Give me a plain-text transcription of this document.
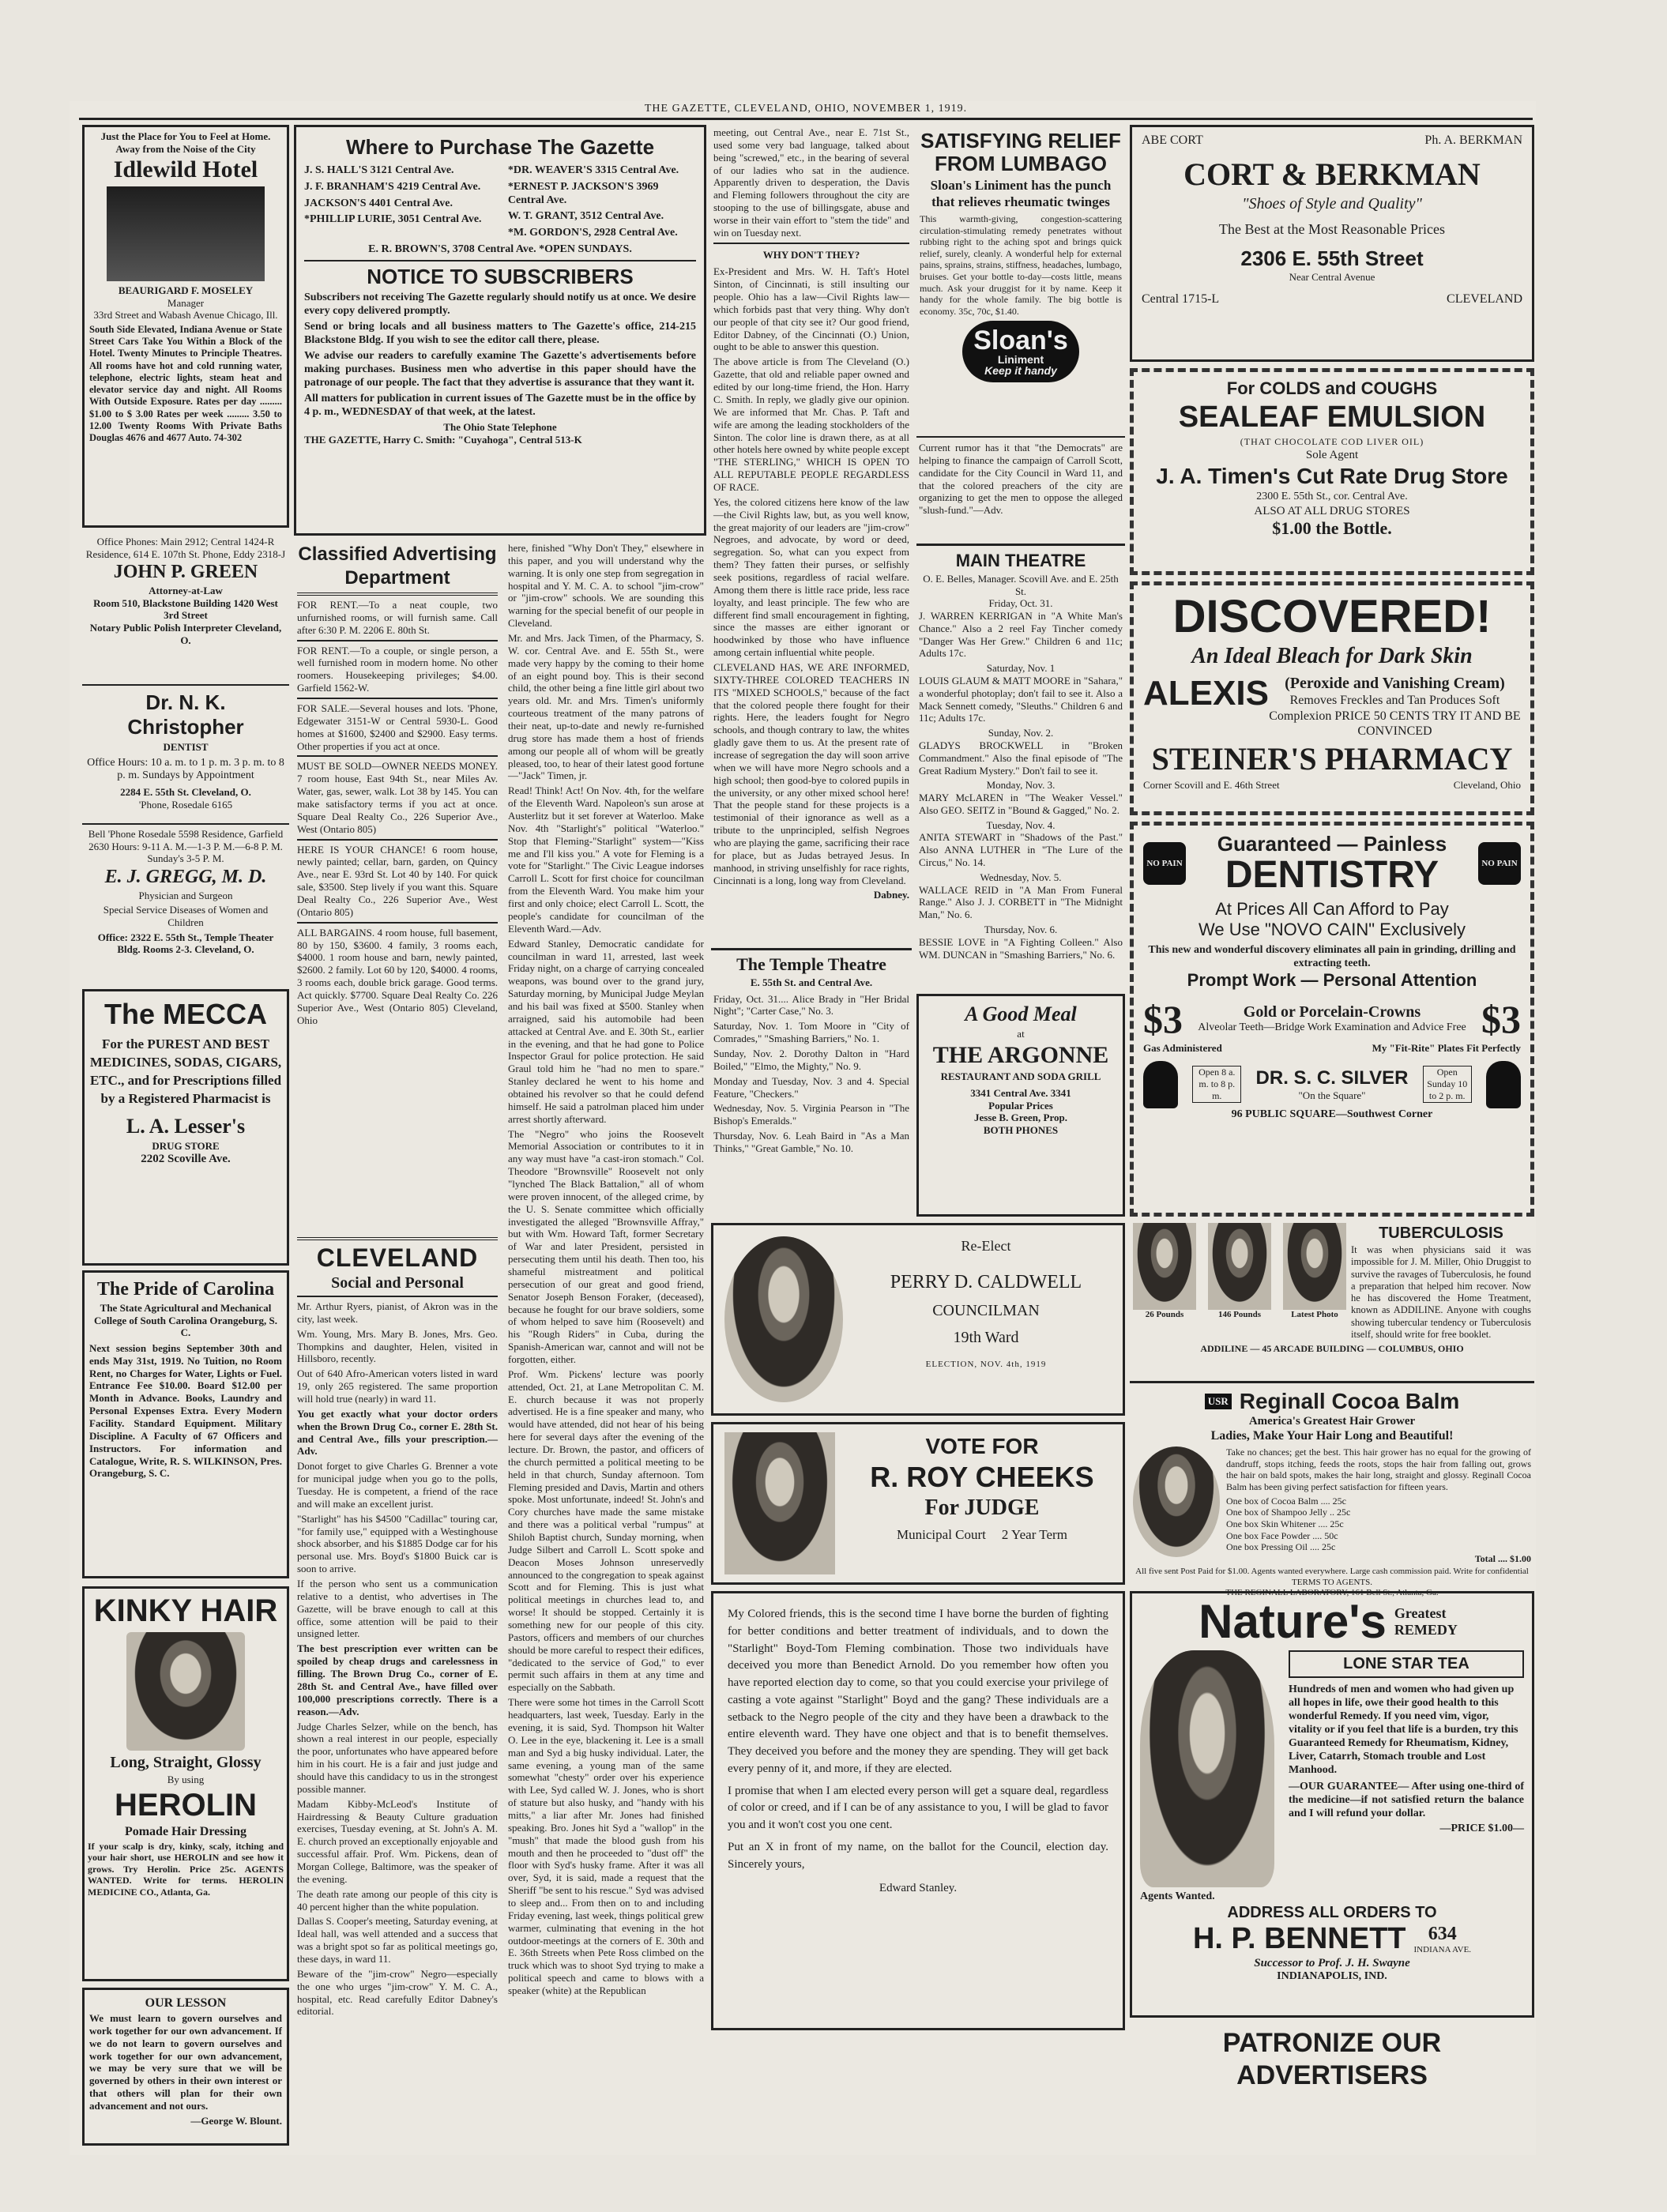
THE GAZETTE, CLEVELAND, OHIO, NOVEMBER 1, 1919.
Just the Place for You to Feel at Home.
Away from the Noise of the City
Idlewild Hotel
BEAURIGARD F. MOSELEY
Manager
33rd Street and Wabash Avenue Chicago, Ill.
South Side Elevated, Indiana Avenue or State Street Cars Take You Within a Block of the Hotel. Twenty Minutes to Principle Theatres. All rooms have hot and cold running water, telephone, electric lights, steam heat and elevator service day and night. All Rooms With Outside Exposure. Rates per day ......... $1.00 to $ 3.00 Rates per week ......... 3.50 to 12.00 Twenty Rooms With Private Baths Douglas 4676 and 4677 Auto. 74-302
Office Phones: Main 2912; Central 1424-R
Residence, 614 E. 107th St. Phone, Eddy 2318-J
JOHN P. GREEN
Attorney-at-Law
Room 510, Blackstone Building 1420 West 3rd Street
Notary Public Polish Interpreter Cleveland, O.
Dr. N. K. Christopher
DENTIST
Office Hours: 10 a. m. to 1 p. m. 3 p. m. to 8 p. m. Sundays by Appointment
2284 E. 55th St. Cleveland, O.
'Phone, Rosedale 6165
Bell 'Phone Rosedale 5598 Residence, Garfield 2630 Hours: 9-11 A. M.—1-3 P. M.—6-8 P. M. Sunday's 3-5 P. M.
E. J. GREGG, M. D.
Physician and Surgeon
Special Service Diseases of Women and Children
Office: 2322 E. 55th St., Temple Theater Bldg. Rooms 2-3. Cleveland, O.
The MECCA
For the PUREST AND BEST MEDICINES, SODAS, CIGARS, ETC., and for Prescriptions filled by a Registered Pharmacist is
L. A. Lesser's
DRUG STORE
2202 Scoville Ave.
The Pride of Carolina
The State Agricultural and Mechanical College of South Carolina Orangeburg, S. C.
Next session begins September 30th and ends May 31st, 1919. No Tuition, no Room Rent, no Charges for Water, Lights or Fuel. Entrance Fee $10.00. Board $12.00 per Month in Advance. Books, Laundry and Personal Expenses Extra. Every Modern Facility. Standard Equipment. Military Discipline. A Faculty of 67 Officers and Instructors. For information and Catalogue, Write, R. S. WILKINSON, Pres. Orangeburg, S. C.
KINKY HAIR
Long, Straight, Glossy
By using
HEROLIN
Pomade Hair Dressing
If your scalp is dry, kinky, scaly, itching and your hair short, use HEROLIN and see how it grows. Try Herolin. Price 25c. AGENTS WANTED. Write for terms. HEROLIN MEDICINE CO., Atlanta, Ga.
OUR LESSON
We must learn to govern ourselves and work together for our own advancement. If we do not learn to govern ourselves and work together for our own advancement, we may be very sure that we will be governed by others in their own interest or that others will plan for their own advancement and not ours.
—George W. Blount.
Where to Purchase The Gazette
J. S. HALL'S 3121 Central Ave.
J. F. BRANHAM'S 4219 Central Ave.
JACKSON'S 4401 Central Ave.
*PHILLIP LURIE, 3051 Central Ave.
*DR. WEAVER'S 3315 Central Ave.
*ERNEST P. JACKSON'S 3969 Central Ave.
W. T. GRANT, 3512 Central Ave.
*M. GORDON'S, 2928 Central Ave.
E. R. BROWN'S, 3708 Central Ave. *OPEN SUNDAYS.
NOTICE TO SUBSCRIBERS
Subscribers not receiving The Gazette regularly should notify us at once. We desire every copy delivered promptly.
Send or bring locals and all business matters to The Gazette's office, 214-215 Blackstone Bldg. If you wish to see the editor call there, please.
We advise our readers to carefully examine The Gazette's advertisements before making purchases. Business men who advertise in this paper should have the patronage of our people. The fact that they advertise is assurance that they want it.
All matters for publication in current issues of The Gazette must be in the office by 4 p. m., WEDNESDAY of that week, at the latest.
The Ohio State Telephone
THE GAZETTE, Harry C. Smith: "Cuyahoga", Central 513-K
Classified Advertising
Department
FOR RENT.—To a neat couple, two unfurnished rooms, or will furnish same. Call after 6:30 P. M. 2206 E. 80th St.
FOR RENT.—To a couple, or single person, a well furnished room in modern home. No other roomers. Housekeeping privileges; $4.00. Garfield 1562-W.
FOR SALE.—Several houses and lots. 'Phone, Edgewater 3151-W or Central 5930-L. Good homes at $1600, $2400 and $2900. Easy terms. Other properties if you act at once.
MUST BE SOLD—OWNER NEEDS MONEY. 7 room house, East 94th St., near Miles Av. Water, gas, sewer, walk. Lot 38 by 145. You can make satisfactory terms if you act at once. Square Deal Realty Co., 226 Superior Ave., West (Ontario 805)
HERE IS YOUR CHANCE! 6 room house, newly painted; cellar, barn, garden, on Quincy Ave., near E. 93rd St. Lot 40 by 140. For quick sale, $3500. Step lively if you want this. Square Deal Realty Co., 226 Superior Ave., West (Ontario 805)
ALL BARGAINS. 4 room house, full basement, 80 by 150, $3600. 4 family, 3 rooms each, $4000. 1 room house and barn, newly painted, $2600. 2 family. Lot 60 by 120, $4000. 4 rooms, 3 rooms each, double brick garage. Good terms. Act quickly. $7700. Square Deal Realty Co. 226 Superior Ave., West (Ontario 805) Cleveland, Ohio
CLEVELAND
Social and Personal
Mr. Arthur Ryers, pianist, of Akron was in the city, last week.
Wm. Young, Mrs. Mary B. Jones, Mrs. Geo. Thompkins and daughter, Helen, visited in Hillsboro, recently.
Out of 640 Afro-American voters listed in ward 19, only 265 registered. The same proportion will hold true (nearly) in ward 11.
You get exactly what your doctor orders when the Brown Drug Co., corner E. 28th St. and Central Ave., fills your prescription.—Adv.
Donot forget to give Charles G. Brenner a vote for municipal judge when you go to the polls, Tuesday. He is competent, a friend of the race and will make an excellent jurist.
"Starlight" has his $4500 "Cadillac" touring car, "for family use," equipped with a Westinghouse shock absorber, and his $1885 Dodge car for his personal use. Mrs. Boyd's $1800 Buick car is soon to arrive.
If the person who sent us a communication relative to a dentist, who advertises in The Gazette, will be brave enough to call at this office, some attention will be paid to their unsigned letter.
The best prescription ever written can be spoiled by cheap drugs and carelessness in filling. The Brown Drug Co., corner of E. 28th St. and Central Ave., have filled over 100,000 prescriptions correctly. There is a reason.—Adv.
Judge Charles Selzer, while on the bench, has shown a real interest in our people, especially the poor, unfortunates who have appeared before him in his court. He is a fair and just judge and should have this candidacy to us in the strongest possible manner.
Madam Kibby-McLeod's Institute of Hairdressing & Beauty Culture graduation exercises, Tuesday evening, at St. John's A. M. E. church proved an exceptionally enjoyable and successful affair. Prof. Wm. Pickens, dean of Morgan College, Baltimore, was the speaker of the evening.
The death rate among our people of this city is 40 percent higher than the white population.
Dallas S. Cooper's meeting, Saturday evening, at Ideal hall, was well attended and a success that was a bright spot so far as political meetings go, these days, in ward 11.
Beware of the "jim-crow" Negro—especially the one who urges "jim-crow" Y. M. C. A., hospital, etc. Read carefully Editor Dabney's editorial.
here, finished "Why Don't They," elsewhere in this paper, and you will understand why the warning. It is only one step from segregation in hospital and Y. M. C. A. to school "jim-crow" or "jim-crow" schools. We are sounding this warning for the special benefit of our people in Cleveland.
Mr. and Mrs. Jack Timen, of the Pharmacy, S. W. cor. Central Ave. and E. 55th St., were made very happy by the coming to their home of an eight pound boy. This is their second child, the other being a fine little girl about two years old. Mr. and Mrs. Timen's uniformly courteous treatment of the many patrons of their neat, up-to-date and newly re-furnished drug store has made them a host of friends among our people all of whom will be greatly pleased, too, to hear of their latest good fortune—"Jack" Timen, jr.
Read! Think! Act! On Nov. 4th, for the welfare of the Eleventh Ward. Napoleon's sun arose at Austerlitz but it set forever at Waterloo. Make Nov. 4th "Starlight's" political "Waterloo." Stop that Fleming-"Starlight" system—"Kiss me and I'll kiss you." A vote for Fleming is a vote for "Starlight." The Civic League indorses Carroll L. Scott for first choice for councilman from the Eleventh Ward. You make him your first and only choice; elect Carroll L. Scott, the people's candidate for councilman of the Eleventh Ward.—Adv.
Edward Stanley, Democratic candidate for councilman in ward 11, arrested, last week Friday night, on a charge of carrying concealed weapons, was bound over to the grand jury, Saturday morning, by Municipal Judge Meylan and his bail was fixed at $500. Stanley when arraigned, said his automobile had been attacked at Central Ave. and E. 30th St., earlier in the evening, and that he had gone to Police Inspector Graul for police protection. He said Graul told him he "had no men to spare." Stanley declared he went to his home and obtained his revolver so that he could defend himself. He said a patrolman placed him under arrest shortly afterward.
The "Negro" who joins the Roosevelt Memorial Association or contributes to it in any way must have "a cast-iron stomach." Col. Theodore "Brownsville" Roosevelt not only "lynched The Black Battalion," all of whom were proven innocent, of the alleged crime, by the U. S. Senate committee which officially investigated the alleged "Brownsville Affray," but with Wm. Howard Taft, former Secretary of War and later President, persisted in persecuting them until his death. Then too, his shameful mistreatment and political persecution of our great and good friend, Senator Joseph Benson Foraker, (deceased), because he fought for our brave soldiers, some of whom helped to save him (Roosevelt) and his "Rough Riders" in Cuba, during the Spanish-American war, cannot and will not be forgotten, either.
Prof. Wm. Pickens' lecture was poorly attended, Oct. 21, at Lane Metropolitan C. M. E. church because it was not properly advertised. He is a fine speaker and many, who would have attended, did not hear of his being here for several days after the evening of the lecture. Dr. Brown, the pastor, and officers of the church permitted a political meeting to be held in that church, Sunday afternoon. Tom Fleming presided and Davis, Martin and others spoke. Most unfortunate, indeed! St. John's and Cory churches have made the same mistake and there was a political verbal "rumpus" at Shiloh Baptist church, Sunday morning, when Judge Silbert and Carroll L. Scott spoke and Deacon Moses Johnson unreservedly announced to the congregation to speak against Scott and for Fleming. This is just what political meetings in churches lead to, and worse! It should be stopped. Certainly it is something new for our people of this city. Pastors, officers and members of our churches should be more careful to respect their edifices, "dedicated to the service of God," to ever permit such affairs in them at any time and especially on the Sabbath.
There were some hot times in the Carroll Scott headquarters, last week, Tuesday. Early in the evening, it is said, Syd. Thompson hit Walter O. Lee in the eye, blackening it. Lee is a small man and Syd a big husky individual. Later, the same evening, a young man of the same somewhat "chesty" order over his experience with Lee, Syd called W. J. Jones, who is short of stature but also husky, and "handy with his mitts," a liar after Mr. Jones had finished speaking. Bro. Jones hit Syd a "wallop" in the "mush" that made the blood gush from his mouth and then he proceeded to "dust off" the floor with Syd's husky frame. After it was all over, Syd, it is said, made a request that the Sheriff "be sent to his rescue." Syd was advised to sleep and... From then on to and including Friday evening, last week, things political grew warmer, culminating that evening in the hot outdoor-meetings at the corners of E. 30th and E. 36th Streets when Pete Ross climbed on the truck which was to shoot Syd trying to make a political speech and came to blows with a speaker (white) at the Republican
meeting, out Central Ave., near E. 71st St., used some very bad language, talked about being "screwed," etc., in the bearing of several of our ladies who sat in the audience. Apparently driven to desperation, the Davis and Fleming followers throughout the city are stooping to the use of billingsgate, abuse and worse in their vain effort to "stem the tide" and win on Tuesday next.
WHY DON'T THEY?
Ex-President and Mrs. W. H. Taft's Hotel Sinton, of Cincinnati, is still insulting our people. Ohio has a law—Civil Rights law—which forbids past that very thing. Why don't our people of that city see it? Our good friend, Editor Dabney, of the Cincinnati (O.) Union, ought to be able to answer this question.
The above article is from The Cleveland (O.) Gazette, that old and reliable paper owned and edited by our long-time friend, the Hon. Harry C. Smith. In reply, we gladly give our opinion. We are informed that Mr. Chas. P. Taft and wife are among the leading stockholders of the Sinton. The color line is drawn there, as at all other hotels here owned by white people except "THE STERLING," WHICH IS OPEN TO ALL REPUTABLE PEOPLE REGARDLESS OF RACE.
Yes, the colored citizens here know of the law—the Civil Rights law, but, as you well know, the great majority of our leaders are "jim-crow" Negroes, and advocate, by word or deed, segregation. So, what can you expect from them? They fatten their purses, or selfishly seek positions, regardless of racial welfare. Among them there is little race pride, less race loyalty, and least principle. The few who are different find small encouragement in fighting, since the masses are either ignorant or hoodwinked by those who have influence among certain influential white people.
CLEVELAND HAS, WE ARE INFORMED, SIXTY-THREE COLORED TEACHERS IN ITS "MIXED SCHOOLS," because of the fact that the colored people there fought for their rights. Here, the leaders fought for Negro schools, and though contrary to law, the whites gladly gave them to us. At the present rate of increase of segregation the day will soon arrive when we will have more Negro schools and a high school; then good-bye to colored pupils in the university, or any other mixed school here! That the people stand for these projects is a testimonial of their ignorance as well as a tribute to the unprincipled, selfish Negroes who are playing the game, sacrificing their race for place, but as Judas betrayed Jesus. In manhood, in striving unselfishly for race rights, Cincinnati is a long, long way from Cleveland.
Dabney.
SATISFYING RELIEF FROM LUMBAGO
Sloan's Liniment has the punch that relieves rheumatic twinges
This warmth-giving, congestion-scattering circulation-stimulating remedy penetrates without rubbing right to the aching spot and brings quick relief, surely, cleanly. A wonderful help for external pains, sprains, strains, stiffness, headaches, lumbago, bruises. Get your bottle to-day—costs little, means much. Ask your druggist for it by name. Keep it handy for the whole family. The big bottle is economy. 35c, 70c, $1.40.
Sloan's
Liniment
Keep it handy
Current rumor has it that "the Democrats" are helping to finance the campaign of Carroll Scott, candidate for the City Council in Ward 11, and that the colored preachers of the city are organizing to get the men to oppose the alleged "slush-fund."—Adv.
MAIN THEATRE
O. E. Belles, Manager. Scovill Ave. and E. 25th St.
Friday, Oct. 31.
J. WARREN KERRIGAN in "A White Man's Chance." Also a 2 reel Fay Tincher comedy "Danger Was Her Grew." Children 6 and 11c; Adults 17c.
Saturday, Nov. 1
LOUIS GLAUM & MATT MOORE in "Sahara," a wonderful photoplay; don't fail to see it. Also a Mack Sennett comedy, "Sleuths." Children 6 and 11c; Adults 17c.
Sunday, Nov. 2.
GLADYS BROCKWELL in "Broken Commandment." Also the final episode of "The Great Radium Mystery." Don't fail to see it.
Monday, Nov. 3.
MARY McLAREN in "The Weaker Vessel." Also GEO. SEITZ in "Bound & Gagged," No. 2.
Tuesday, Nov. 4.
ANITA STEWART in "Shadows of the Past." Also ANNA LUTHER in "The Lure of the Circus," No. 14.
Wednesday, Nov. 5.
WALLACE REID in "A Man From Funeral Range." Also J. J. CORBETT in "The Midnight Man," No. 6.
Thursday, Nov. 6.
BESSIE LOVE in "A Fighting Colleen." Also WM. DUNCAN in "Smashing Barriers," No. 6.
The Temple Theatre
E. 55th St. and Central Ave.
Friday, Oct. 31.... Alice Brady in "Her Bridal Night"; "Carter Case," No. 3.
Saturday, Nov. 1. Tom Moore in "City of Comrades," "Smashing Barriers," No. 1.
Sunday, Nov. 2. Dorothy Dalton in "Hard Boiled," "Elmo, the Mighty," No. 9.
Monday and Tuesday, Nov. 3 and 4. Special Feature, "Checkers."
Wednesday, Nov. 5. Virginia Pearson in "The Bishop's Emeralds."
Thursday, Nov. 6. Leah Baird in "As a Man Thinks," "Great Gamble," No. 10.
A Good Meal
at
THE ARGONNE
RESTAURANT AND SODA GRILL
3341 Central Ave. 3341
Popular Prices
Jesse B. Green, Prop.
BOTH PHONES
Re-Elect
PERRY D. CALDWELL
COUNCILMAN
19th Ward
ELECTION, NOV. 4th, 1919
VOTE FOR
R. ROY CHEEKS
For JUDGE
Municipal Court 2 Year Term
My Colored friends, this is the second time I have borne the burden of fighting for better conditions and better treatment of individuals, and to down the "Starlight" Boyd-Tom Fleming combination. Those two individuals have deceived you more than Benedict Arnold. Do you remember how often you have reported election day to come, so that you could exercise your privilege of casting a vote against "Starlight" Boyd and the gang? These individuals are a setback to the Negro people of the city and they have been a drawback to the entire eleventh ward. They have one object and that is to benefit themselves. They deceived you before and the money they are spending. They will get back every penny of it, and more, if they are elected.
I promise that when I am elected every person will get a square deal, regardless of color or creed, and if I can be of any assistance to you, I will be glad to favor you and it won't cost you one cent.
Put an X in front of my name, on the ballot for the Council, election day. Sincerely yours,
Edward Stanley.
ABE CORT	Ph. A. BERKMAN
CORT & BERKMAN
"Shoes of Style and Quality"
The Best at the Most Reasonable Prices
2306 E. 55th Street
Near Central Avenue
Central 1715-L	CLEVELAND
For COLDS and COUGHS
SEALEAF EMULSION
(THAT CHOCOLATE COD LIVER OIL)
Sole Agent
J. A. Timen's Cut Rate Drug Store
2300 E. 55th St., cor. Central Ave.
ALSO AT ALL DRUG STORES
$1.00 the Bottle.
DISCOVERED!
An Ideal Bleach for Dark Skin
ALEXIS	(Peroxide and Vanishing Cream)
Removes Freckles and Tan Produces Soft Complexion PRICE 50 CENTS TRY IT AND BE CONVINCED
STEINER'S PHARMACY
Corner Scovill and E. 46th Street	Cleveland, Ohio
NO PAIN
Guaranteed — Painless
DENTISTRY	NO PAIN
At Prices All Can Afford to Pay
We Use "NOVO CAIN" Exclusively
This new and wonderful discovery eliminates all pain in grinding, drilling and extracting teeth.
Prompt Work — Personal Attention
$3	Gold or Porcelain-Crowns
Alveolar Teeth—Bridge Work Examination and Advice Free $3
Gas Administered	My "Fit-Rite" Plates Fit Perfectly
Open 8 a. m. to 8 p. m.
DR. S. C. SILVER
"On the Square"
Open Sunday 10 to 2 p. m.
96 PUBLIC SQUARE—Southwest Corner
26 Pounds	146 Pounds	Latest Photo
TUBERCULOSIS
It was when physicians said it was impossible for J. M. Miller, Ohio Druggist to survive the ravages of Tuberculosis, he found a preparation that helped him recover. Now he has discovered the Home Treatment, known as ADDILINE. Anyone with coughs showing tubercular tendency or Tuberculosis itself, should write for free booklet.
ADDILINE — 45 ARCADE BUILDING — COLUMBUS, OHIO
USR Reginall Cocoa Balm
America's Greatest Hair Grower
Ladies, Make Your Hair Long and Beautiful!
Take no chances; get the best. This hair grower has no equal for the growing of dandruff, stops itching, feeds the roots, stops the hair from falling out, grows the hair on bald spots, makes the hair long, straight and glossy. Reginall Cocoa Balm has been giving perfect satisfaction for fifteen years.
One box of Cocoa Balm .... 25c
One box of Shampoo Jelly .. 25c
One box Skin Whitener .... 25c
One box Face Powder .... 50c
One box Pressing Oil .... 25c
Total .... $1.00
All five sent Post Paid for $1.00. Agents wanted everywhere. Large cash commission paid. Write for confidential TERMS TO AGENTS.
THE REGINALL LABORATORY, 161 Bell St., Atlanta, Ga.
Nature's Greatest REMEDY
Agents Wanted.
LONE STAR TEA
Hundreds of men and women who had given up all hopes in life, owe their good health to this wonderful Remedy. If you need vim, vigor, vitality or if you feel that life is a burden, try this Guaranteed Remedy for Rheumatism, Kidney, Liver, Catarrh, Stomach trouble and Lost Manhood.
—OUR GUARANTEE— After using one-third of the medicine—if not satisfied return the balance and I will refund your dollar.
—PRICE $1.00—
ADDRESS ALL ORDERS TO
H. P. BENNETT	634
INDIANA AVE.
Successor to Prof. J. H. Swayne
INDIANAPOLIS, IND.
PATRONIZE OUR ADVERTISERS
